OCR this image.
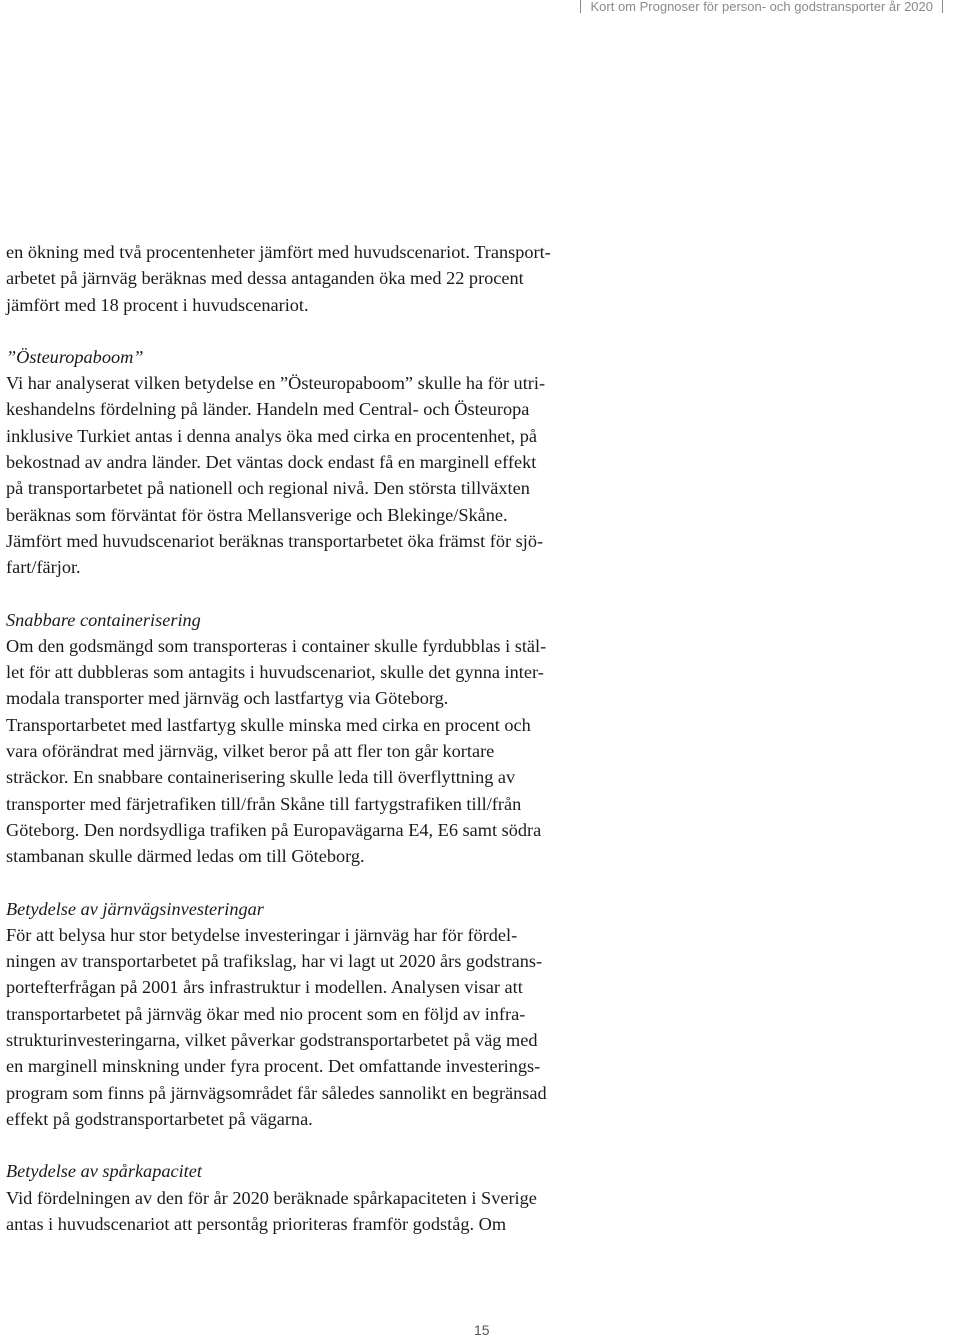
Kort om Prognoser för person- och godstransporter år 2020

en ökning med två procentenheter jämfört med huvudscenariot. Transport-
arbetet på järnväg beräknas med dessa antaganden öka med 22 procent
jämfört med 18 procent i huvudscenariot.

”Östeuropaboom”

Vi har analyserat vilken betydelse en ”Östeuropaboom” skulle ha för utri-
keshandelns fördelning på länder. Handeln med Central- och Östeuropa
inklusive Turkiet antas i denna analys öka med cirka en procentenhet, på
bekostnad av andra länder. Det väntas dock endast få en marginell effekt
på transportarbetet på nationell och regional nivå. Den största tillväxten
beräknas som förväntat för östra Mellansverige och Blekinge/Skåne.
Jämfört med huvudscenariot beräknas transportarbetet öka främst för sjö-
fart/färjor.

Snabbare containerisering

Om den godsmängd som transporteras i container skulle fyrdubblas i stäl-
let för att dubbleras som antagits i huvudscenariot, skulle det gynna inter-
modala transporter med järnväg och lastfartyg via Göteborg.
Transportarbetet med lastfartyg skulle minska med cirka en procent och
vara oförändrat med järnväg, vilket beror på att fler ton går kortare
sträckor. En snabbare containerisering skulle leda till överflyttning av
transporter med färjetrafiken till/från Skåne till fartygstrafiken till/från
Göteborg. Den nordsydliga trafiken på Europavägarna E4, E6 samt södra
stambanan skulle därmed ledas om till Göteborg.

Betydelse av järnvägsinvesteringar

För att belysa hur stor betydelse investeringar i järnväg har för fördel-
ningen av transportarbetet på trafikslag, har vi lagt ut 2020 års godstrans-
portefterfrågan på 2001 års infrastruktur i modellen. Analysen visar att
transportarbetet på järnväg ökar med nio procent som en följd av infra-
strukturinvesteringarna, vilket påverkar godstransportarbetet på väg med
en marginell minskning under fyra procent. Det omfattande investerings-
program som finns på järnvägsområdet får således sannolikt en begränsad
effekt på godstransportarbetet på vägarna.

Betydelse av spårkapacitet

Vid fördelningen av den för år 2020 beräknade spårkapaciteten i Sverige
antas i huvudscenariot att persontåg prioriteras framför godståg. Om

15
